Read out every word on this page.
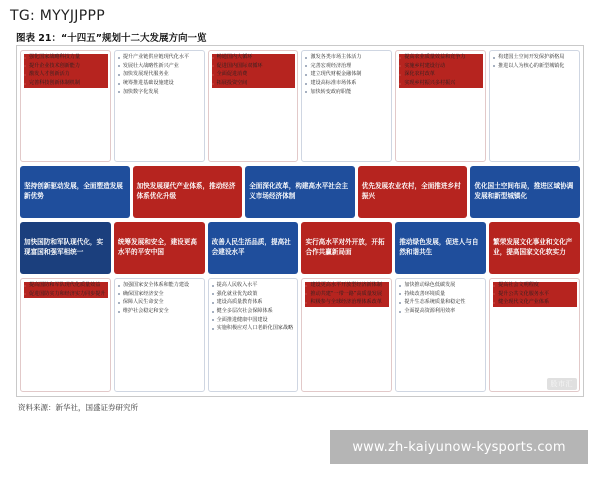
TG: MYYJJPPP
图表 21：“十四五”规划十二大发展方向一览
强化国家战略科技力量
提升企业技术创新能力
激发人才创新活力
完善科技创新体制机制
提升产业链供应链现代化水平
发展壮大战略性新兴产业
加快发展现代服务业
统筹推进基础设施建设
加快数字化发展
畅通国内大循环
促进国内国际双循环
全面促进消费
拓展投资空间
激发各类市场主体活力
完善宏观经济治理
建立现代财税金融体制
建设高标准市场体系
加快转变政府职能
提高农业质量效益和竞争力
实施乡村建设行动
深化农村改革
实现乡村振兴多村振兴
构建国土空间开发保护新格局
推进以人为核心的新型城镇化
坚持创新驱动发展，全面塑造发展新优势
加快发展现代产业体系，推动经济体系优化升级
全面深化改革，构建高水平社会主义市场经济体制
优先发展农业农村，全面推进乡村振兴
优化国土空间布局，推进区域协调发展和新型城镇化
加快国防和军队现代化，实现富国和强军相统一
统筹发展和安全，建设更高水平的平安中国
改善人民生活品质，提高社会建设水平
实行高水平对外开放，开拓合作共赢新局面
推动绿色发展，促进人与自然和谐共生
繁荣发展文化事业和文化产业，提高国家文化软实力
提高国防和军队现代化质量效益
促进国防实力和经济实力同步提升
加强国家安全体系和能力建设
确保国家经济安全
保障人民生命安全
维护社会稳定和安全
提高人民收入水平
强化就业优先政策
建设高质量教育体系
健全多层次社会保障体系
全面推进健康中国建设
实施积极应对人口老龄化国家战略
建设更高水平开放型经济新体制
推动共建“一带一路”高质量发展
积极参与全球经济治理体系改革
加快推动绿色低碳发展
持续改善环境质量
提升生态系统质量和稳定性
全面提高资源利用效率
提高社会文明程度
提升公共文化服务水平
健全现代文化产业体系
股市汇
资料来源：新华社，国盛证券研究所
www.zh-kaiyunow-kysports.com
